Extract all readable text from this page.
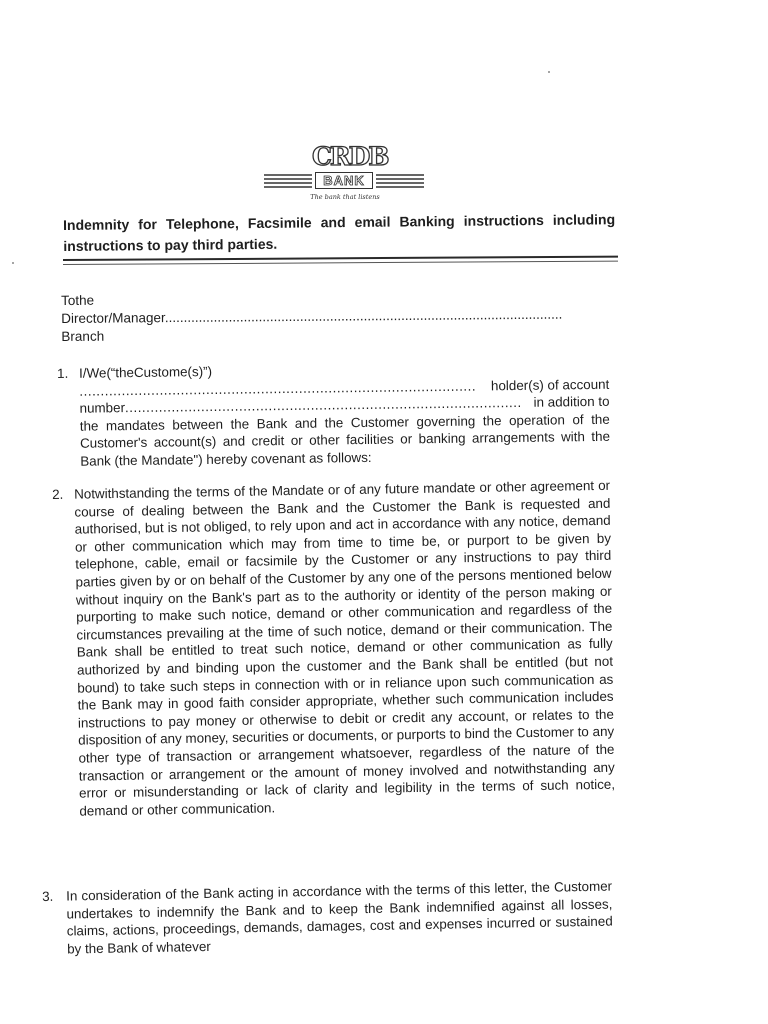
CRDB
BANK
The bank that listens
Indemnity for Telephone, Facsimile and email Banking instructions including instructions to pay third parties.
Tothe
Director/Manager..........................................................................................................
Branch
1. I/We(“theCustome(s)”)
..............................................................................................	holder(s) of account
number .............................................................................................. in addition to
the mandates between the Bank and the Customer governing the operation of the Customer's account(s) and credit or other facilities or banking arrangements with the Bank (the Mandate") hereby covenant as follows:
2. Notwithstanding the terms of the Mandate or of any future mandate or other agreement or course of dealing between the Bank and the Customer the Bank is requested and authorised, but is not obliged, to rely upon and act in accordance with any notice, demand or other communication which may from time to time be, or purport to be given by telephone, cable, email or facsimile by the Customer or any instructions to pay third parties given by or on behalf of the Customer by any one of the persons mentioned below without inquiry on the Bank's part as to the authority or identity of the person making or purporting to make such notice, demand or other communication and regardless of the circumstances prevailing at the time of such notice, demand or their communication. The Bank shall be entitled to treat such notice, demand or other communication as fully authorized by and binding upon the customer and the Bank shall be entitled (but not bound) to take such steps in connection with or in reliance upon such communication as the Bank may in good faith consider appropriate, whether such communication includes instructions to pay money or otherwise to debit or credit any account, or relates to the disposition of any money, securities or documents, or purports to bind the Customer to any other type of transaction or arrangement whatsoever, regardless of the nature of the transaction or arrangement or the amount of money involved and notwithstanding any error or misunderstanding or lack of clarity and legibility in the terms of such notice, demand or other communication.
3. In consideration of the Bank acting in accordance with the terms of this letter, the Customer undertakes to indemnify the Bank and to keep the Bank indemnified against all losses, claims, actions, proceedings, demands, damages, cost and expenses incurred or sustained by the Bank of whatever
